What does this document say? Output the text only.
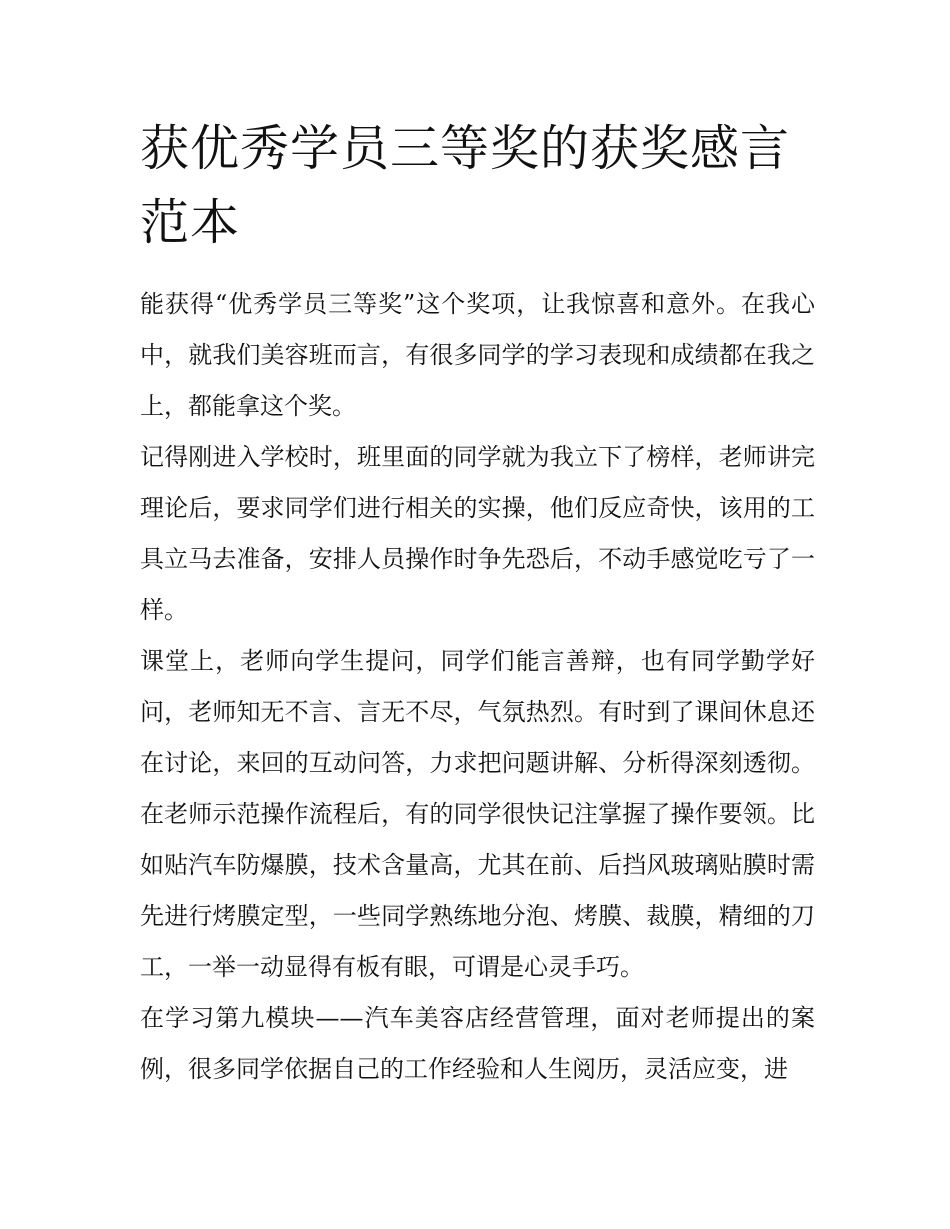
获优秀学员三等奖的获奖感言范本

能获得“优秀学员三等奖”这个奖项，让我惊喜和意外。在我心中，就我们美容班而言，有很多同学的学习表现和成绩都在我之上，都能拿这个奖。

记得刚进入学校时，班里面的同学就为我立下了榜样，老师讲完理论后，要求同学们进行相关的实操，他们反应奇快，该用的工具立马去准备，安排人员操作时争先恐后，不动手感觉吃亏了一样。

课堂上，老师向学生提问，同学们能言善辩，也有同学勤学好问，老师知无不言、言无不尽，气氛热烈。有时到了课间休息还在讨论，来回的互动问答，力求把问题讲解、分析得深刻透彻。在老师示范操作流程后，有的同学很快记注掌握了操作要领。比如贴汽车防爆膜，技术含量高，尤其在前、后挡风玻璃贴膜时需先进行烤膜定型，一些同学熟练地分泡、烤膜、裁膜，精细的刀工，一举一动显得有板有眼，可谓是心灵手巧。

在学习第九模块——汽车美容店经营管理，面对老师提出的案例，很多同学依据自己的工作经验和人生阅历，灵活应变，进
